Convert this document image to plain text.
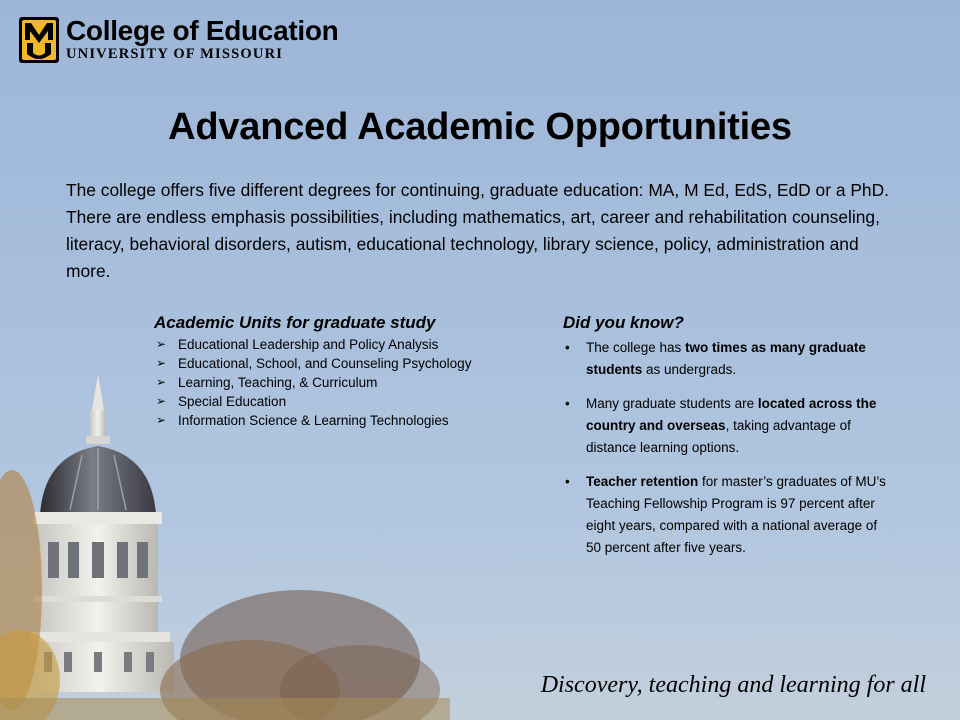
College of Education
UNIVERSITY OF MISSOURI
Advanced Academic Opportunities

The college offers five different degrees for continuing, graduate education: MA, M Ed, EdS, EdD or a PhD. There are endless emphasis possibilities, including mathematics, art, career and rehabilitation counseling, literacy, behavioral disorders, autism, educational technology, library science, policy, administration and more.

Academic Units for graduate study
➢ Educational Leadership and Policy Analysis
➢ Educational, School, and Counseling Psychology
➢ Learning, Teaching, & Curriculum
➢ Special Education
➢ Information Science & Learning Technologies
Did you know?
• The college has two times as many graduate students as undergrads.
• Many graduate students are located across the country and overseas, taking advantage of distance learning options.
• Teacher retention for master’s graduates of MU’s Teaching Fellowship Program is 97 percent after eight years, compared with a national average of 50 percent after five years.
Discovery, teaching and learning for all
